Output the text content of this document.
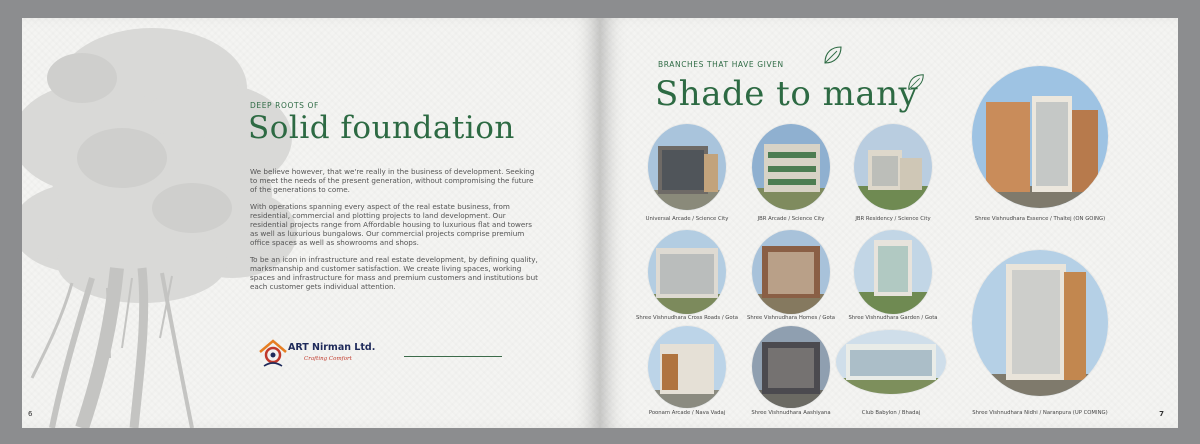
DEEP ROOTS OF
Solid foundation

We believe however, that we're really in the business of development. Seeking to meet the needs of the present generation, without compromising the future of the generations to come.

With operations spanning every aspect of the real estate business, from residential, commercial and plotting projects to land development. Our residential projects range from Affordable housing to luxurious flat and towers as well as luxurious bungalows. Our commercial projects comprise premium office spaces as well as showrooms and shops.

To be an icon in infrastructure and real estate development, by defining quality, marksmanship and customer satisfaction. We create living spaces, working spaces and infrastructure for mass and premium customers and institutions but each customer gets individual attention.

ART Nirman Ltd.
Crafting Comfort
6
BRANCHES THAT HAVE GIVEN
Shade to many
Universal Arcade / Science City	JBR Arcade / Science City	JBR Residency / Science City	Shree Vishnudhara Essence / Thaltej (ON GOING)
Shree Vishnudhara Cross Roads / Gota Shree Vishnudhara Homes / Gota	Shree Vishnudhara Garden / Gota
Shree Vishnudhara Nidhi / Naranpura (UP COMING)
Poonam Arcade / Nava Vadaj	Shree Vishnudhara Aashiyana	Club Babylon / Bhadaj	7
